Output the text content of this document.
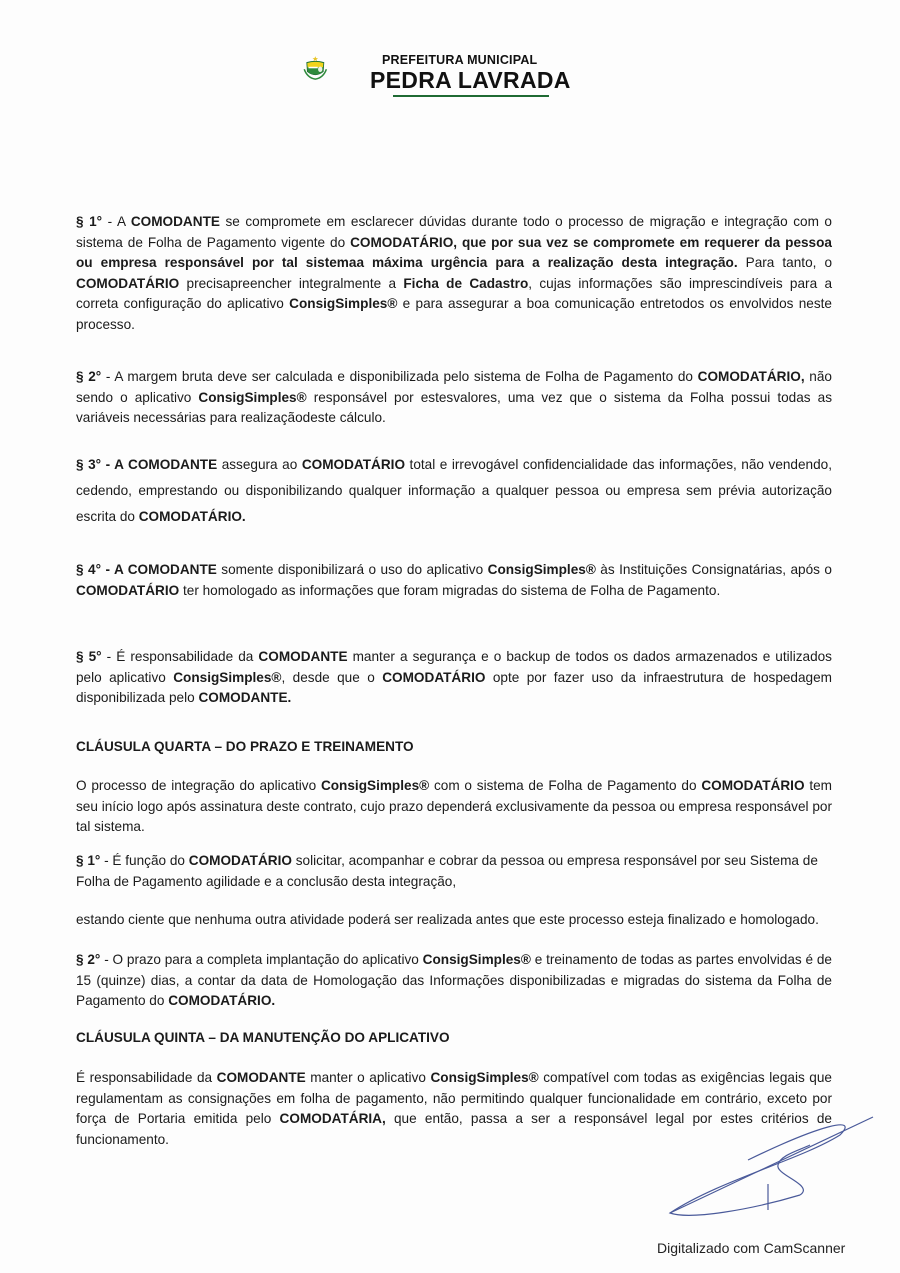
PREFEITURA MUNICIPAL
PEDRA LAVRADA
§ 1° - A COMODANTE se compromete em esclarecer dúvidas durante todo o processo de migração e integração com o sistema de Folha de Pagamento vigente do COMODATÁRIO, que por sua vez se compromete em requerer da pessoa ou empresa responsável por tal sistemaa máxima urgência para a realização desta integração. Para tanto, o COMODATÁRIO precisapreencher integralmente a Ficha de Cadastro, cujas informações são imprescindíveis para a correta configuração do aplicativo ConsigSimples® e para assegurar a boa comunicação entretodos os envolvidos neste processo.
§ 2° - A margem bruta deve ser calculada e disponibilizada pelo sistema de Folha de Pagamento do COMODATÁRIO, não sendo o aplicativo ConsigSimples® responsável por estesvalores, uma vez que o sistema da Folha possui todas as variáveis necessárias para realizaçãodeste cálculo.
§ 3° - A COMODANTE assegura ao COMODATÁRIO total e irrevogável confidencialidade das informações, não vendendo, cedendo, emprestando ou disponibilizando qualquer informação a qualquer pessoa ou empresa sem prévia autorização escrita do COMODATÁRIO.
§ 4° - A COMODANTE somente disponibilizará o uso do aplicativo ConsigSimples® às Instituições Consignatárias, após o COMODATÁRIO ter homologado as informações que foram migradas do sistema de Folha de Pagamento.
§ 5° - É responsabilidade da COMODANTE manter a segurança e o backup de todos os dados armazenados e utilizados pelo aplicativo ConsigSimples®, desde que o COMODATÁRIO opte por fazer uso da infraestrutura de hospedagem disponibilizada pelo COMODANTE.
CLÁUSULA QUARTA – DO PRAZO E TREINAMENTO
O processo de integração do aplicativo ConsigSimples® com o sistema de Folha de Pagamento do COMODATÁRIO tem seu início logo após assinatura deste contrato, cujo prazo dependerá exclusivamente da pessoa ou empresa responsável por tal sistema.
§ 1° - É função do COMODATÁRIO solicitar, acompanhar e cobrar da pessoa ou empresa responsável por seu Sistema de Folha de Pagamento agilidade e a conclusão desta integração,
estando ciente que nenhuma outra atividade poderá ser realizada antes que este processo esteja finalizado e homologado.
§ 2° - O prazo para a completa implantação do aplicativo ConsigSimples® e treinamento de todas as partes envolvidas é de 15 (quinze) dias, a contar da data de Homologação das Informações disponibilizadas e migradas do sistema da Folha de Pagamento do COMODATÁRIO.
CLÁUSULA QUINTA – DA MANUTENÇÃO DO APLICATIVO
É responsabilidade da COMODANTE manter o aplicativo ConsigSimples® compatível com todas as exigências legais que regulamentam as consignações em folha de pagamento, não permitindo qualquer funcionalidade em contrário, exceto por força de Portaria emitida pelo COMODATÁRIA, que então, passa a ser a responsável legal por estes critérios de funcionamento.
Digitalizado com CamScanner
